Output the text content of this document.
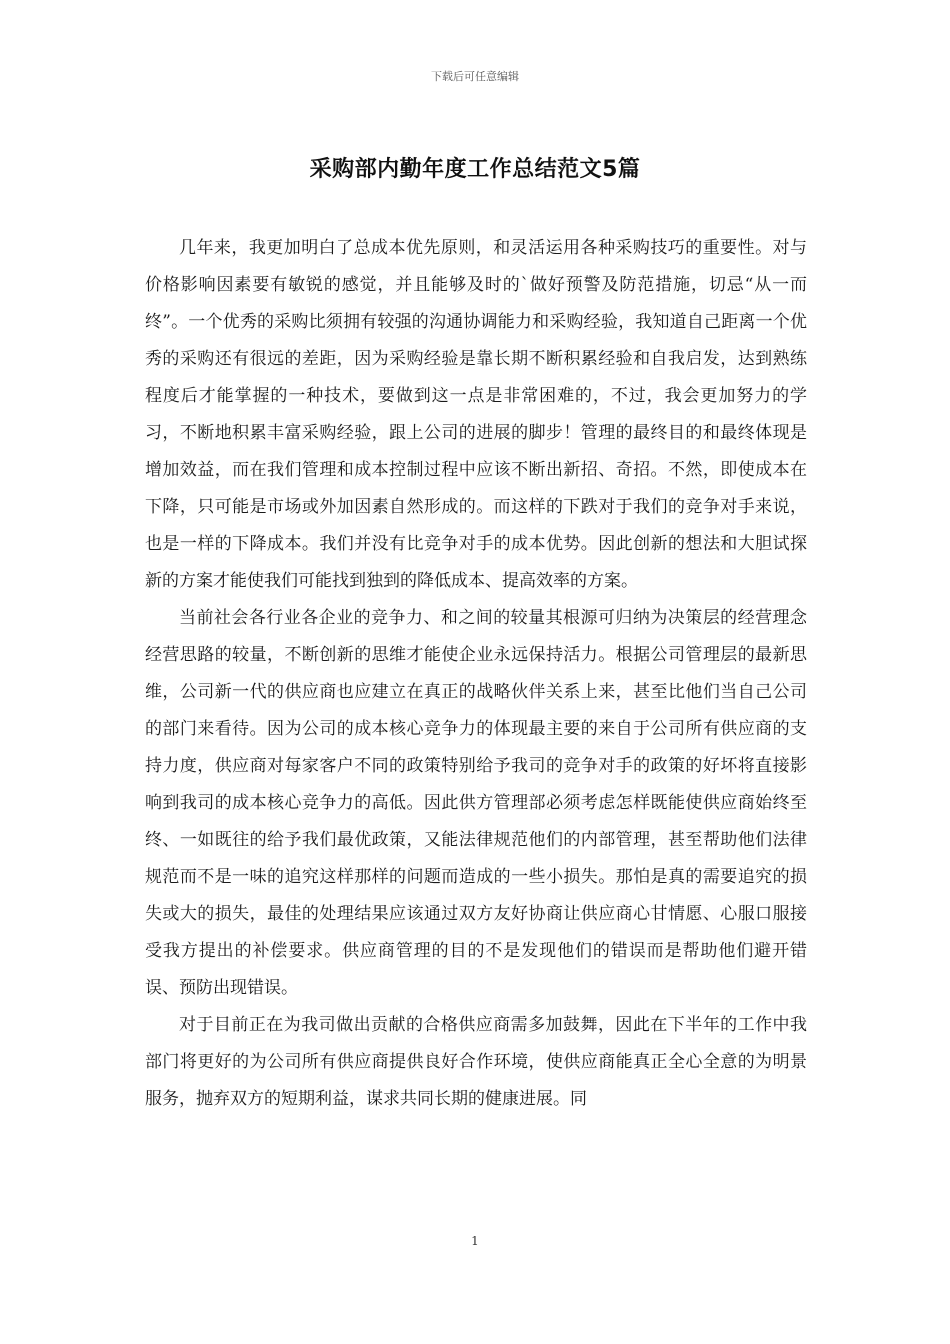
下载后可任意编辑
采购部内勤年度工作总结范文5篇

几年来，我更加明白了总成本优先原则，和灵活运用各种采购技巧的重要性。对与价格影响因素要有敏锐的感觉，并且能够及时的`做好预警及防范措施，切忌“从一而终”。一个优秀的采购比须拥有较强的沟通协调能力和采购经验，我知道自己距离一个优秀的采购还有很远的差距，因为采购经验是靠长期不断积累经验和自我启发，达到熟练程度后才能掌握的一种技术，要做到这一点是非常困难的，不过，我会更加努力的学习，不断地积累丰富采购经验，跟上公司的进展的脚步！管理的最终目的和最终体现是增加效益，而在我们管理和成本控制过程中应该不断出新招、奇招。不然，即使成本在下降，只可能是市场或外加因素自然形成的。而这样的下跌对于我们的竞争对手来说，也是一样的下降成本。我们并没有比竞争对手的成本优势。因此创新的想法和大胆试探新的方案才能使我们可能找到独到的降低成本、提高效率的方案。

当前社会各行业各企业的竞争力、和之间的较量其根源可归纳为决策层的经营理念经营思路的较量，不断创新的思维才能使企业永远保持活力。根据公司管理层的最新思维，公司新一代的供应商也应建立在真正的战略伙伴关系上来，甚至比他们当自己公司的部门来看待。因为公司的成本核心竞争力的体现最主要的来自于公司所有供应商的支持力度，供应商对每家客户不同的政策特别给予我司的竞争对手的政策的好坏将直接影响到我司的成本核心竞争力的高低。因此供方管理部必须考虑怎样既能使供应商始终至终、一如既往的给予我们最优政策，又能法律规范他们的内部管理，甚至帮助他们法律规范而不是一味的追究这样那样的问题而造成的一些小损失。那怕是真的需要追究的损失或大的损失，最佳的处理结果应该通过双方友好协商让供应商心甘情愿、心服口服接受我方提出的补偿要求。供应商管理的目的不是发现他们的错误而是帮助他们避开错误、预防出现错误。

对于目前正在为我司做出贡献的合格供应商需多加鼓舞，因此在下半年的工作中我部门将更好的为公司所有供应商提供良好合作环境，使供应商能真正全心全意的为明景服务，抛弃双方的短期利益，谋求共同长期的健康进展。同

1
